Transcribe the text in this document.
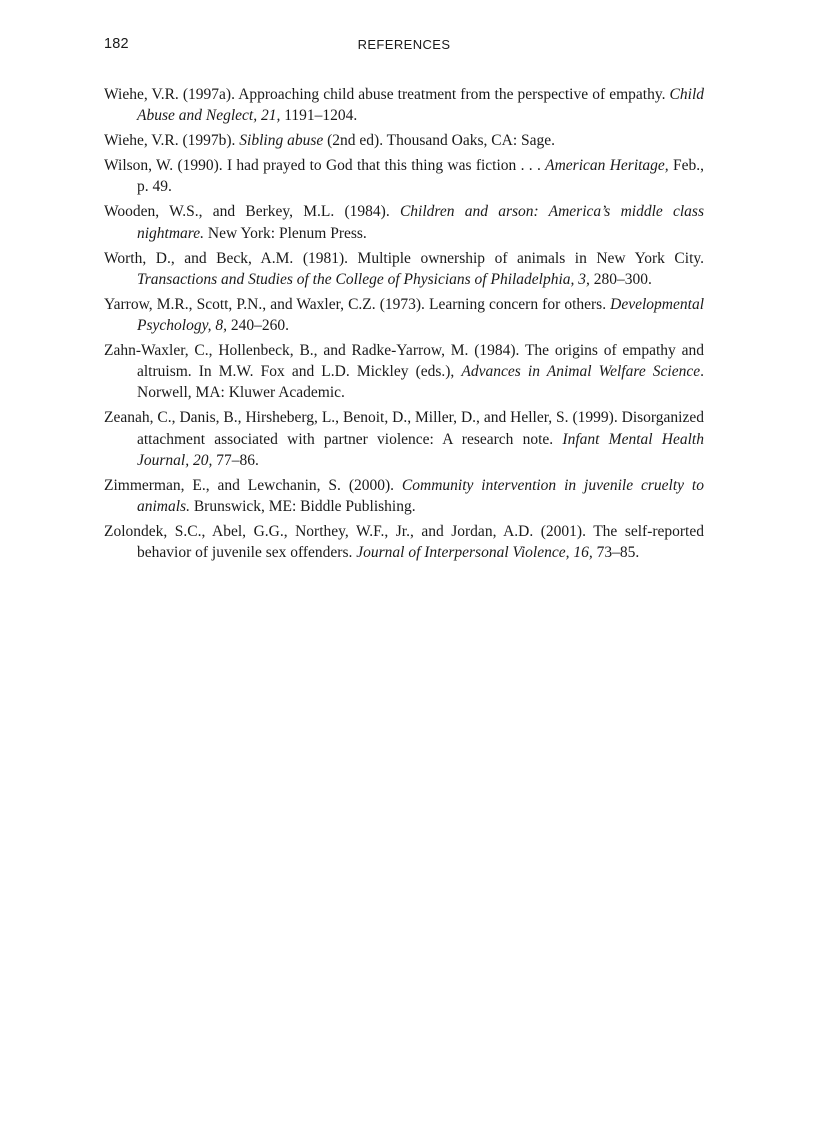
182	REFERENCES
Wiehe, V.R. (1997a). Approaching child abuse treatment from the perspective of empathy. Child Abuse and Neglect, 21, 1191–1204.
Wiehe, V.R. (1997b). Sibling abuse (2nd ed). Thousand Oaks, CA: Sage.
Wilson, W. (1990). I had prayed to God that this thing was fiction . . . American Heritage, Feb., p. 49.
Wooden, W.S., and Berkey, M.L. (1984). Children and arson: America’s middle class nightmare. New York: Plenum Press.
Worth, D., and Beck, A.M. (1981). Multiple ownership of animals in New York City. Transactions and Studies of the College of Physicians of Philadelphia, 3, 280–300.
Yarrow, M.R., Scott, P.N., and Waxler, C.Z. (1973). Learning concern for others. Developmental Psychology, 8, 240–260.
Zahn-Waxler, C., Hollenbeck, B., and Radke-Yarrow, M. (1984). The origins of empathy and altruism. In M.W. Fox and L.D. Mickley (eds.), Advances in Animal Welfare Science. Norwell, MA: Kluwer Academic.
Zeanah, C., Danis, B., Hirsheberg, L., Benoit, D., Miller, D., and Heller, S. (1999). Disorganized attachment associated with partner violence: A research note. Infant Mental Health Journal, 20, 77–86.
Zimmerman, E., and Lewchanin, S. (2000). Community intervention in juvenile cruelty to animals. Brunswick, ME: Biddle Publishing.
Zolondek, S.C., Abel, G.G., Northey, W.F., Jr., and Jordan, A.D. (2001). The self-reported behavior of juvenile sex offenders. Journal of Interpersonal Violence, 16, 73–85.
